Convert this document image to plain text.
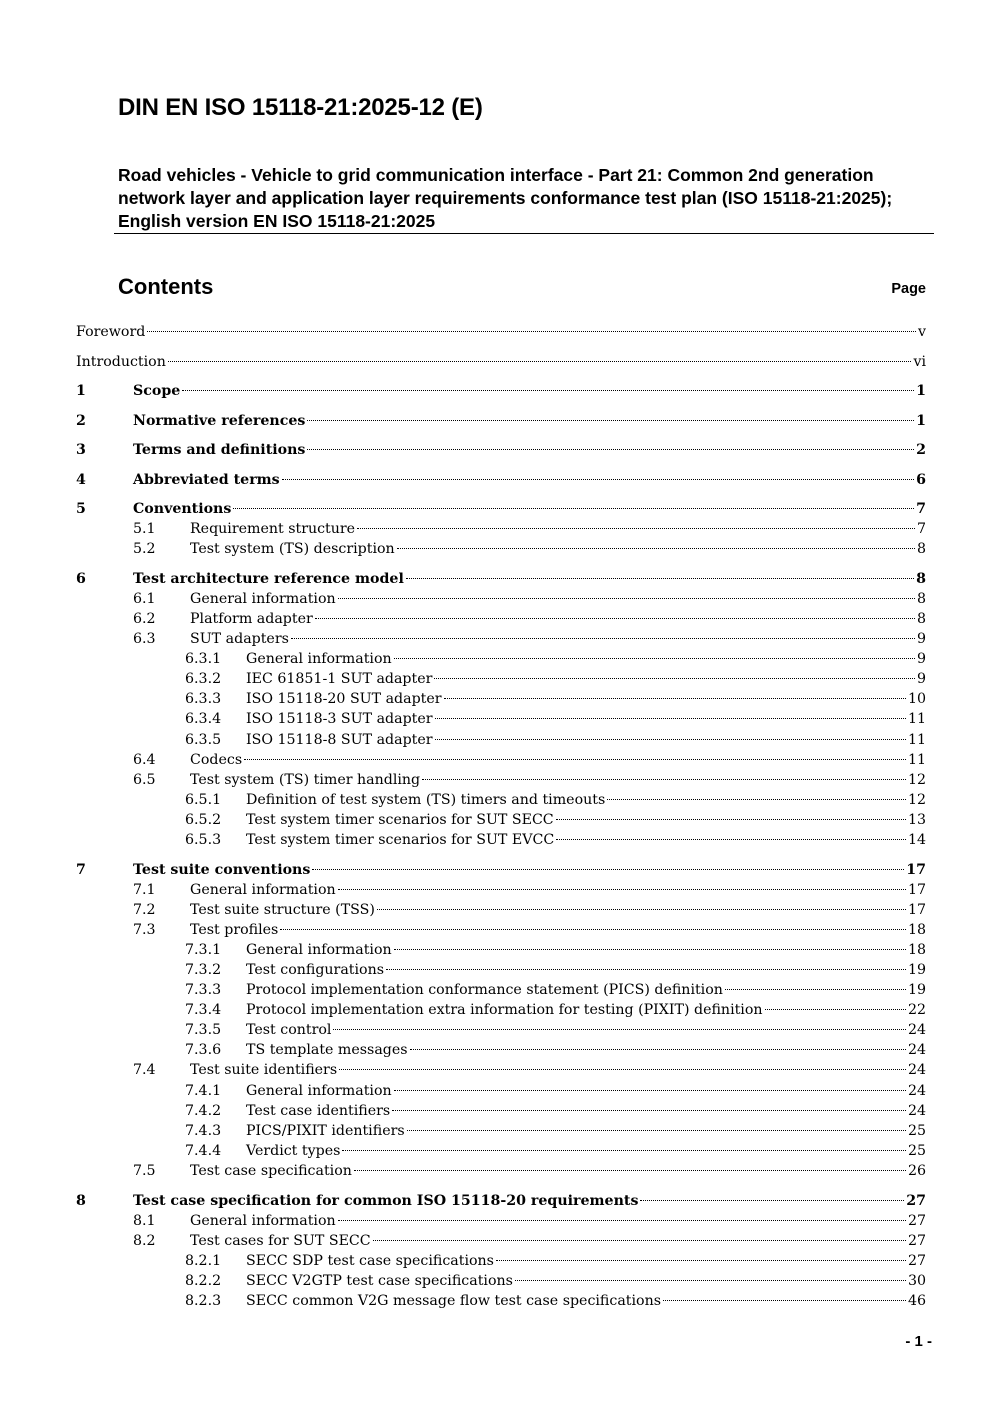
DIN EN ISO 15118-21:2025-12 (E)

Road vehicles - Vehicle to grid communication interface - Part 21: Common 2nd generation network layer and application layer requirements conformance test plan (ISO 15118-21:2025); English version EN ISO 15118-21:2025

Contents	Page
Foreword	v
Introduction	vi
1	Scope	1
2	Normative references	1
3	Terms and definitions	2
4	Abbreviated terms	6
5	Conventions	7
5.1 Requirement structure	7
5.2 Test system (TS) description	8
6	Test architecture reference model	8
6.1 General information	8
6.2 Platform adapter	8
6.3 SUT adapters	9
6.3.1 General information	9
6.3.2 IEC 61851-1 SUT adapter	9
6.3.3 ISO 15118-20 SUT adapter	10
6.3.4 ISO 15118-3 SUT adapter	11
6.3.5 ISO 15118-8 SUT adapter	11
6.4 Codecs	11
6.5 Test system (TS) timer handling	12
6.5.1 Definition of test system (TS) timers and timeouts	12
6.5.2 Test system timer scenarios for SUT SECC	13
6.5.3 Test system timer scenarios for SUT EVCC	14
7	Test suite conventions	17
7.1 General information	17
7.2 Test suite structure (TSS)	17
7.3 Test profiles	18
7.3.1 General information	18
7.3.2 Test configurations	19
7.3.3 Protocol implementation conformance statement (PICS) definition	19
7.3.4 Protocol implementation extra information for testing (PIXIT) definition	22
7.3.5 Test control	24
7.3.6 TS template messages	24
7.4 Test suite identifiers	24
7.4.1 General information	24
7.4.2 Test case identifiers	24
7.4.3 PICS/PIXIT identifiers	25
7.4.4 Verdict types	25
7.5 Test case specification	26
8	Test case specification for common ISO 15118-20 requirements	27
8.1 General information	27
8.2 Test cases for SUT SECC	27
8.2.1 SECC SDP test case specifications	27
8.2.2 SECC V2GTP test case specifications	30
8.2.3 SECC common V2G message flow test case specifications	46
- 1 -
